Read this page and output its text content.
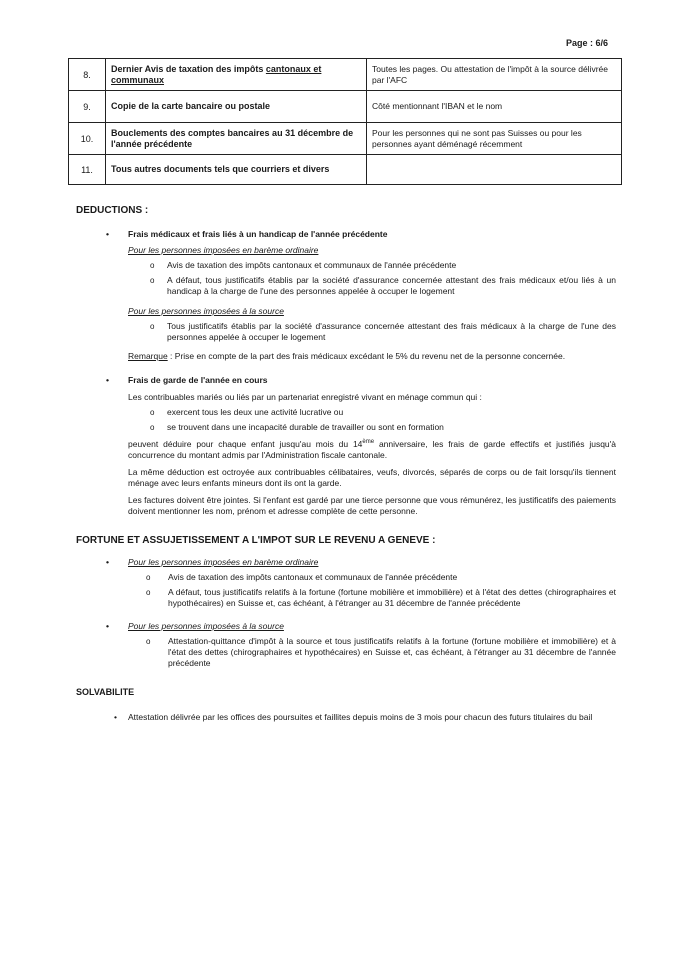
Page : 6/6
8.	Dernier Avis de taxation des impôts cantonaux et communaux	Toutes les pages. Ou attestation de l'impôt à la source délivrée par l'AFC
9.	Copie de la carte bancaire ou postale	Côté mentionnant l'IBAN et le nom
10.	Bouclements des comptes bancaires au 31 décembre de l'année précédente	Pour les personnes qui ne sont pas Suisses ou pour les personnes ayant déménagé récemment
11.	Tous autres documents tels que courriers et divers	
DEDUCTIONS :
• Frais médicaux et frais liés à un handicap de l'année précédente
Pour les personnes imposées en barème ordinaire
o Avis de taxation des impôts cantonaux et communaux de l'année précédente
o A défaut, tous justificatifs établis par la société d'assurance concernée attestant des frais médicaux et/ou liés à un handicap à la charge de l'une des personnes appelée à occuper le logement
Pour les personnes imposées à la source
o Tous justificatifs établis par la société d'assurance concernée attestant des frais médicaux à la charge de l'une des personnes appelée à occuper le logement
Remarque : Prise en compte de la part des frais médicaux excédant le 5% du revenu net de la personne concernée.
• Frais de garde de l'année en cours
Les contribuables mariés ou liés par un partenariat enregistré vivant en ménage commun qui :
o exercent tous les deux une activité lucrative ou
o se trouvent dans une incapacité durable de travailler ou sont en formation
peuvent déduire pour chaque enfant jusqu'au mois du 14ème anniversaire, les frais de garde effectifs et justifiés jusqu'à concurrence du montant admis par l'Administration fiscale cantonale.
La même déduction est octroyée aux contribuables célibataires, veufs, divorcés, séparés de corps ou de fait lorsqu'ils tiennent ménage avec leurs enfants mineurs dont ils ont la garde.
Les factures doivent être jointes. Si l'enfant est gardé par une tierce personne que vous rémunérez, les justificatifs des paiements doivent mentionner les nom, prénom et adresse complète de cette personne.
FORTUNE ET ASSUJETISSEMENT A L'IMPOT SUR LE REVENU A GENEVE :
• Pour les personnes imposées en barème ordinaire
o Avis de taxation des impôts cantonaux et communaux de l'année précédente
o A défaut, tous justificatifs relatifs à la fortune (fortune mobilière et immobilière) et à l'état des dettes (chirographaires et hypothécaires) en Suisse et, cas échéant, à l'étranger au 31 décembre de l'année précédente
• Pour les personnes imposées à la source
o Attestation-quittance d'impôt à la source et tous justificatifs relatifs à la fortune (fortune mobilière et immobilière) et à l'état des dettes (chirographaires et hypothécaires) en Suisse et, cas échéant, à l'étranger au 31 décembre de l'année précédente
SOLVABILITE
• Attestation délivrée par les offices des poursuites et faillites depuis moins de 3 mois pour chacun des futurs titulaires du bail
